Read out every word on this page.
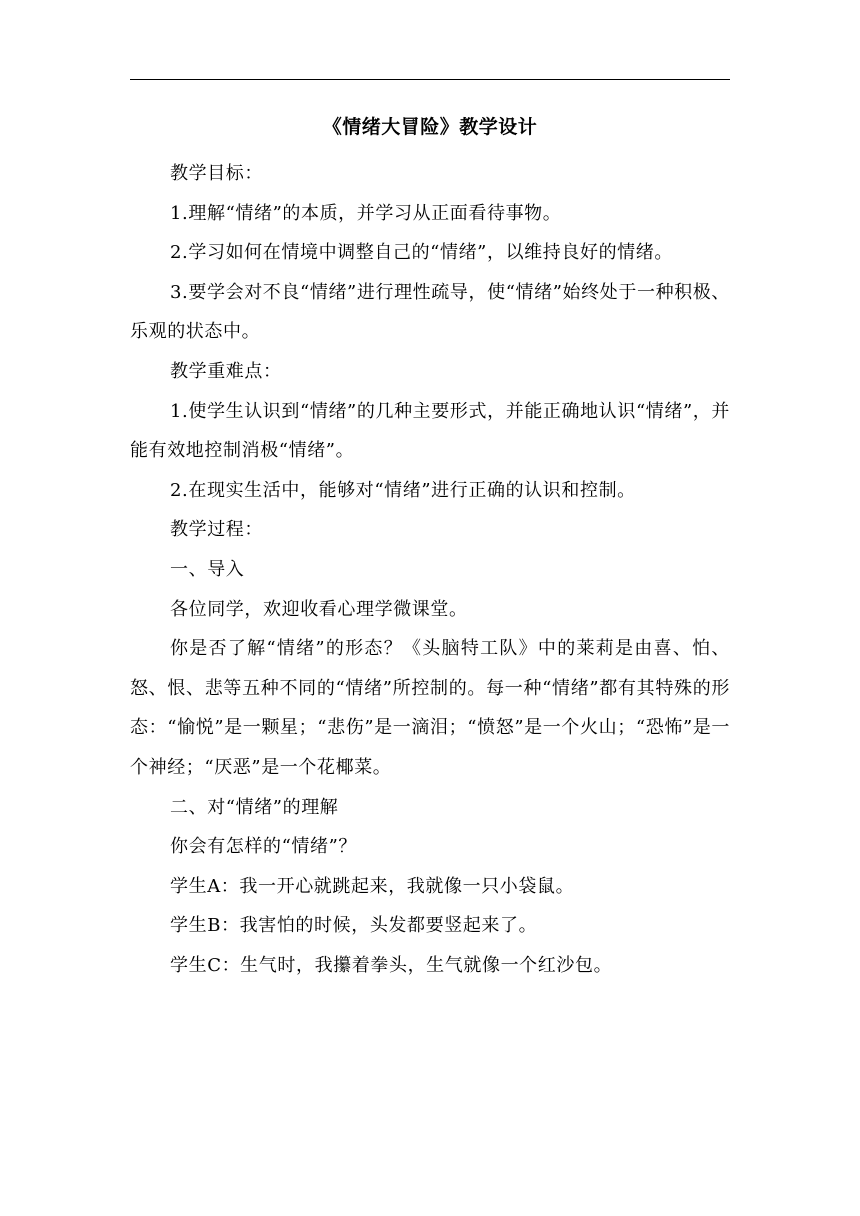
《情绪大冒险》教学设计

教学目标：

1.理解“情绪”的本质，并学习从正面看待事物。

2.学习如何在情境中调整自己的“情绪”，以维持良好的情绪。

3.要学会对不良“情绪”进行理性疏导，使“情绪”始终处于一种积极、乐观的状态中。

教学重难点：

1.使学生认识到“情绪”的几种主要形式，并能正确地认识“情绪”，并能有效地控制消极“情绪”。

2.在现实生活中，能够对“情绪”进行正确的认识和控制。

教学过程：

一、导入

各位同学，欢迎收看心理学微课堂。

你是否了解“情绪”的形态？《头脑特工队》中的莱莉是由喜、怕、怒、恨、悲等五种不同的“情绪”所控制的。每一种“情绪”都有其特殊的形态：“愉悦”是一颗星；“悲伤”是一滴泪；“愤怒”是一个火山；“恐怖”是一个神经；“厌恶”是一个花椰菜。

二、对“情绪”的理解

你会有怎样的“情绪”？

学生A：我一开心就跳起来，我就像一只小袋鼠。

学生B：我害怕的时候，头发都要竖起来了。

学生C：生气时，我攥着拳头，生气就像一个红沙包。
